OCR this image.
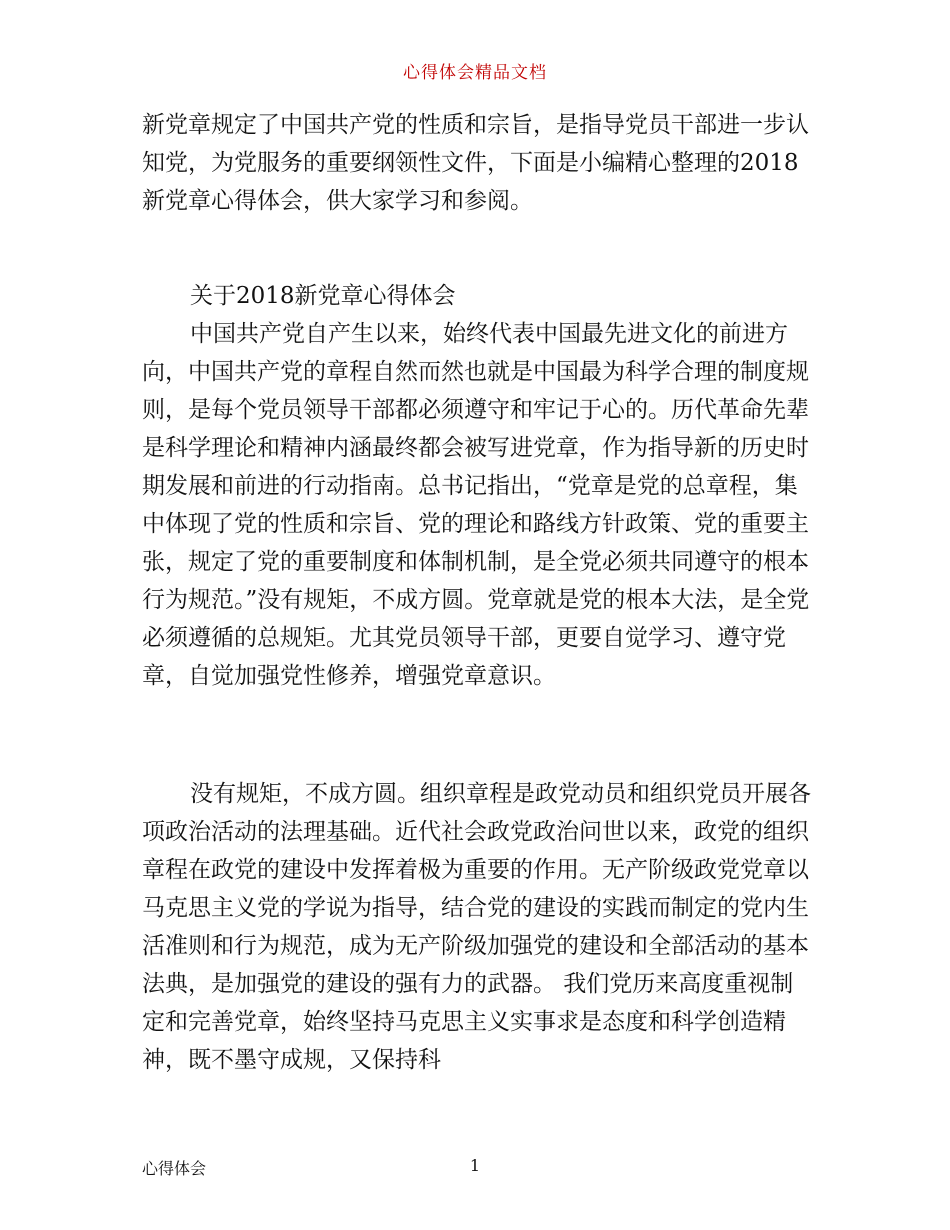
心得体会精品文档

新党章规定了中国共产党的性质和宗旨，是指导党员干部进一步认知党，为党服务的重要纲领性文件，下面是小编精心整理的2018新党章心得体会，供大家学习和参阅。

关于2018新党章心得体会

中国共产党自产生以来，始终代表中国最先进文化的前进方向，中国共产党的章程自然而然也就是中国最为科学合理的制度规则，是每个党员领导干部都必须遵守和牢记于心的。历代革命先辈是科学理论和精神内涵最终都会被写进党章，作为指导新的历史时期发展和前进的行动指南。总书记指出，“党章是党的总章程，集中体现了党的性质和宗旨、党的理论和路线方针政策、党的重要主张，规定了党的重要制度和体制机制，是全党必须共同遵守的根本行为规范。”没有规矩，不成方圆。党章就是党的根本大法，是全党必须遵循的总规矩。尤其党员领导干部，更要自觉学习、遵守党章，自觉加强党性修养，增强党章意识。

没有规矩，不成方圆。组织章程是政党动员和组织党员开展各项政治活动的法理基础。近代社会政党政治问世以来，政党的组织章程在政党的建设中发挥着极为重要的作用。无产阶级政党党章以马克思主义党的学说为指导，结合党的建设的实践而制定的党内生活准则和行为规范，成为无产阶级加强党的建设和全部活动的基本法典，是加强党的建设的强有力的武器。 我们党历来高度重视制定和完善党章，始终坚持马克思主义实事求是态度和科学创造精神，既不墨守成规，又保持科

心得体会	1
